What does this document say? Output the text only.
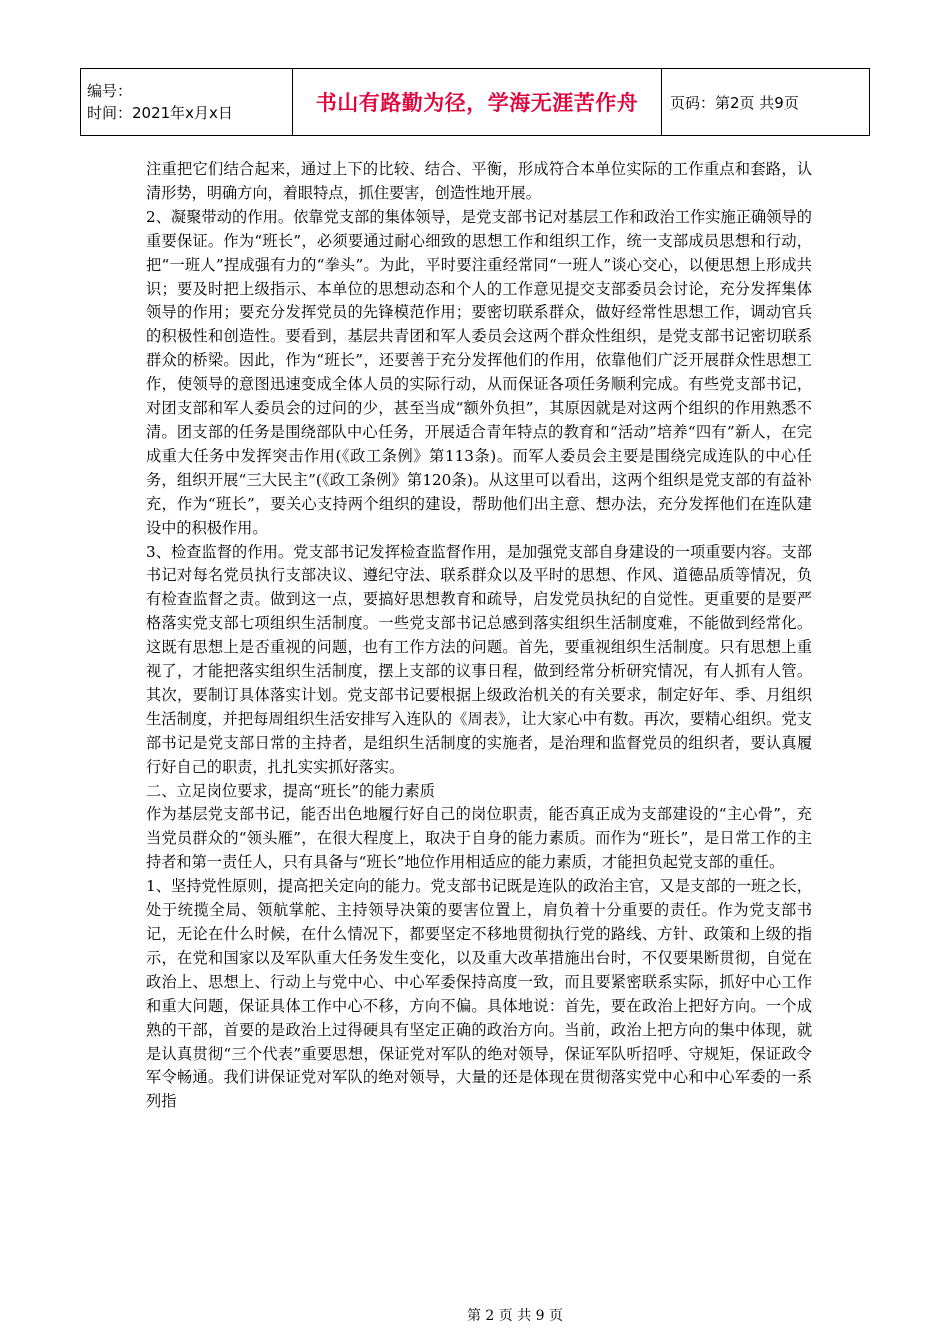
编号：
时间：2021年x月x日	书山有路勤为径，学海无涯苦作舟	页码：第2页 共9页

注重把它们结合起来，通过上下的比较、结合、平衡，形成符合本单位实际的工作重点和套路，认清形势，明确方向，着眼特点，抓住要害，创造性地开展。

2、凝聚带动的作用。依靠党支部的集体领导，是党支部书记对基层工作和政治工作实施正确领导的重要保证。作为“班长”，必须要通过耐心细致的思想工作和组织工作，统一支部成员思想和行动，把“一班人”捏成强有力的“拳头”。为此，平时要注重经常同“一班人”谈心交心，以便思想上形成共识；要及时把上级指示、本单位的思想动态和个人的工作意见提交支部委员会讨论，充分发挥集体领导的作用；要充分发挥党员的先锋模范作用；要密切联系群众，做好经常性思想工作，调动官兵的积极性和创造性。要看到，基层共青团和军人委员会这两个群众性组织，是党支部书记密切联系群众的桥梁。因此，作为“班长”，还要善于充分发挥他们的作用，依靠他们广泛开展群众性思想工作，使领导的意图迅速变成全体人员的实际行动，从而保证各项任务顺利完成。有些党支部书记，对团支部和军人委员会的过问的少，甚至当成“额外负担”，其原因就是对这两个组织的作用熟悉不清。团支部的任务是围绕部队中心任务，开展适合青年特点的教育和“活动”培养“四有”新人，在完成重大任务中发挥突击作用(《政工条例》第113条)。而军人委员会主要是围绕完成连队的中心任务，组织开展“三大民主”(《政工条例》第120条)。从这里可以看出，这两个组织是党支部的有益补充，作为“班长”，要关心支持两个组织的建设，帮助他们出主意、想办法，充分发挥他们在连队建设中的积极作用。

3、检查监督的作用。党支部书记发挥检查监督作用，是加强党支部自身建设的一项重要内容。支部书记对每名党员执行支部决议、遵纪守法、联系群众以及平时的思想、作风、道德品质等情况，负有检查监督之责。做到这一点，要搞好思想教育和疏导，启发党员执纪的自觉性。更重要的是要严格落实党支部七项组织生活制度。一些党支部书记总感到落实组织生活制度难，不能做到经常化。这既有思想上是否重视的问题，也有工作方法的问题。首先，要重视组织生活制度。只有思想上重视了，才能把落实组织生活制度，摆上支部的议事日程，做到经常分析研究情况，有人抓有人管。其次，要制订具体落实计划。党支部书记要根据上级政治机关的有关要求，制定好年、季、月组织生活制度，并把每周组织生活安排写入连队的《周表》，让大家心中有数。再次，要精心组织。党支部书记是党支部日常的主持者，是组织生活制度的实施者，是治理和监督党员的组织者，要认真履行好自己的职责，扎扎实实抓好落实。

二、立足岗位要求，提高“班长”的能力素质

作为基层党支部书记，能否出色地履行好自己的岗位职责，能否真正成为支部建设的“主心骨”，充当党员群众的“领头雁”，在很大程度上，取决于自身的能力素质。而作为“班长”，是日常工作的主持者和第一责任人，只有具备与“班长”地位作用相适应的能力素质，才能担负起党支部的重任。

1、坚持党性原则，提高把关定向的能力。党支部书记既是连队的政治主官，又是支部的一班之长，处于统揽全局、领航掌舵、主持领导决策的要害位置上，肩负着十分重要的责任。作为党支部书记，无论在什么时候，在什么情况下，都要坚定不移地贯彻执行党的路线、方针、政策和上级的指示，在党和国家以及军队重大任务发生变化，以及重大改革措施出台时，不仅要果断贯彻，自觉在政治上、思想上、行动上与党中心、中心军委保持高度一致，而且要紧密联系实际，抓好中心工作和重大问题，保证具体工作中心不移，方向不偏。具体地说：首先，要在政治上把好方向。一个成熟的干部，首要的是政治上过得硬具有坚定正确的政治方向。当前，政治上把方向的集中体现，就是认真贯彻“三个代表”重要思想，保证党对军队的绝对领导，保证军队听招呼、守规矩，保证政令军令畅通。我们讲保证党对军队的绝对领导，大量的还是体现在贯彻落实党中心和中心军委的一系列指

第 2 页 共 9 页
